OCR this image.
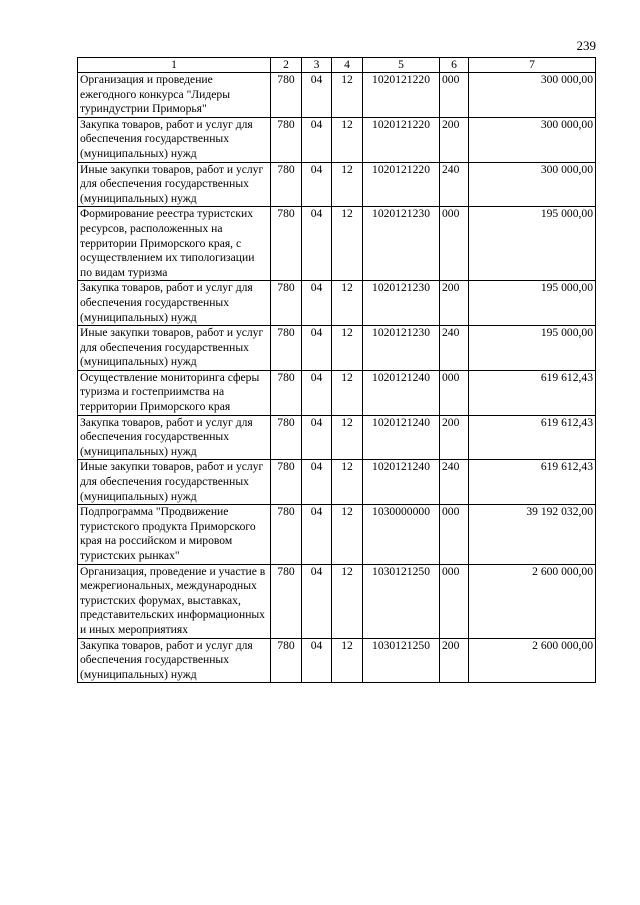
239
1	2	3	4	5	6	7
Организация и проведение ежегодного конкурса "Лидеры туриндустрии Приморья"	780	04	12	1020121220	000	300 000,00
Закупка товаров, работ и услуг для обеспечения государственных (муниципальных) нужд	780	04	12	1020121220	200	300 000,00
Иные закупки товаров, работ и услуг для обеспечения государственных (муниципальных) нужд	780	04	12	1020121220	240	300 000,00
Формирование реестра туристских ресурсов, расположенных на территории Приморского края, с осуществлением их типологизации по видам туризма	780	04	12	1020121230	000	195 000,00
Закупка товаров, работ и услуг для обеспечения государственных (муниципальных) нужд	780	04	12	1020121230	200	195 000,00
Иные закупки товаров, работ и услуг для обеспечения государственных (муниципальных) нужд	780	04	12	1020121230	240	195 000,00
Осуществление мониторинга сферы туризма и гостеприимства на территории Приморского края	780	04	12	1020121240	000	619 612,43
Закупка товаров, работ и услуг для обеспечения государственных (муниципальных) нужд	780	04	12	1020121240	200	619 612,43
Иные закупки товаров, работ и услуг для обеспечения государственных (муниципальных) нужд	780	04	12	1020121240	240	619 612,43
Подпрограмма "Продвижение туристского продукта Приморского края на российском и мировом туристских рынках"	780	04	12	1030000000	000	39 192 032,00
Организация, проведение и участие в межрегиональных, международных туристских форумах, выставках, представительских информационных и иных мероприятиях	780	04	12	1030121250	000	2 600 000,00
Закупка товаров, работ и услуг для обеспечения государственных (муниципальных) нужд	780	04	12	1030121250	200	2 600 000,00
